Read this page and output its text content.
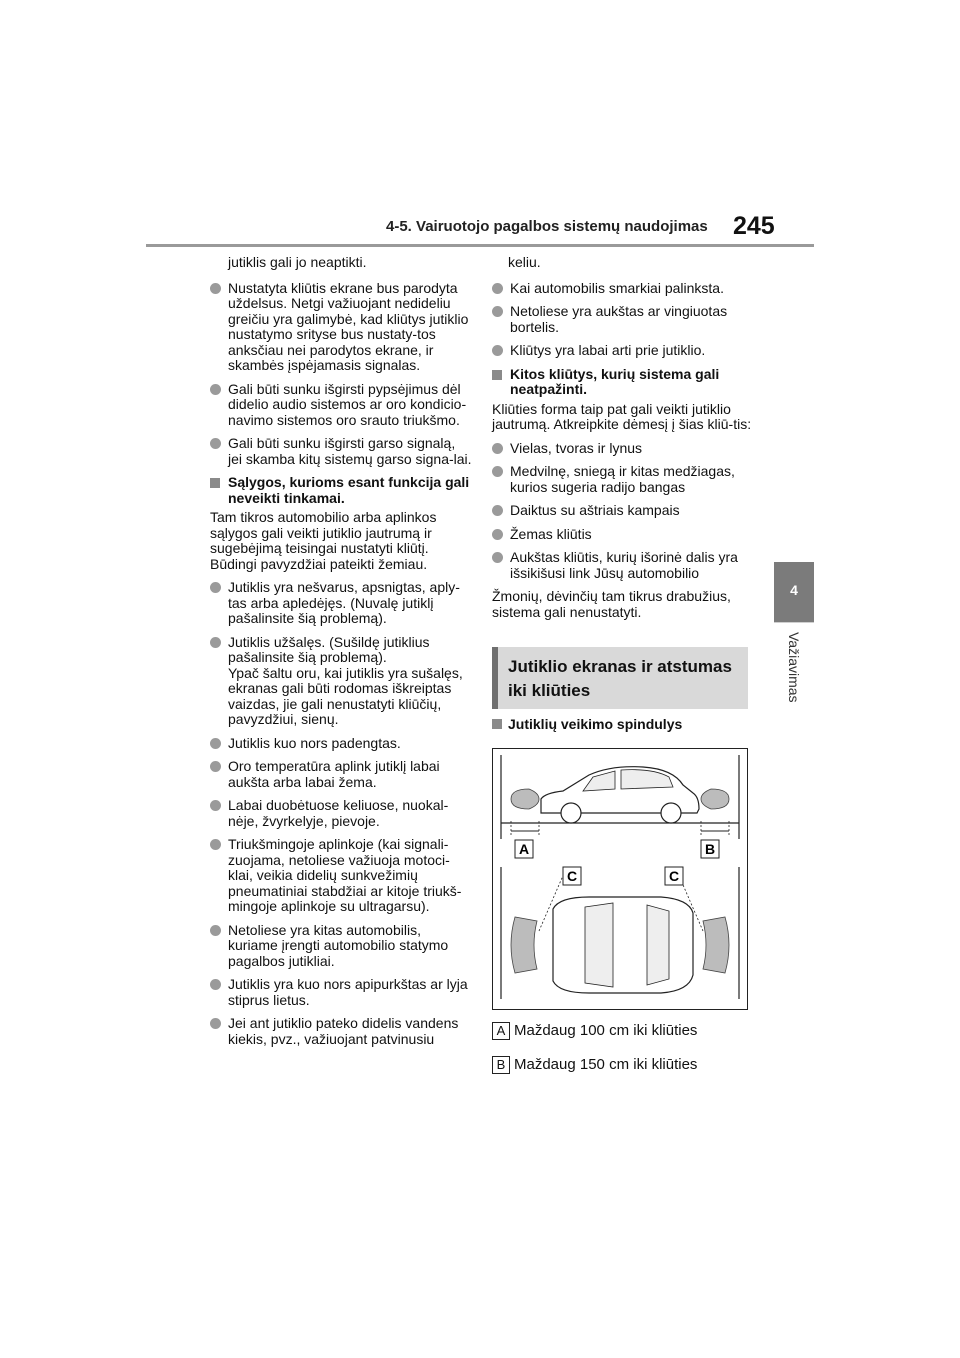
4-5. Vairuotojo pagalbos sistemų naudojimas 245
4
Važiavimas
jutiklis gali jo neaptikti.
Nustatyta kliūtis ekrane bus parodyta uždelsus. Netgi važiuojant nedideliu greičiu yra galimybė, kad kliūtys jutiklio nustatymo srityse bus nustaty-tos anksčiau nei parodytos ekrane, ir skambės įspėjamasis signalas.
Gali būti sunku išgirsti pypsėjimus dėl didelio audio sistemos ar oro kondicio-navimo sistemos oro srauto triukšmo.
Gali būti sunku išgirsti garso signalą, jei skamba kitų sistemų garso signa-lai.
Sąlygos, kurioms esant funkcija gali neveikti tinkamai.
Tam tikros automobilio arba aplinkos sąlygos gali veikti jutiklio jautrumą ir sugebėjimą teisingai nustatyti kliūtį. Būdingi pavyzdžiai pateikti žemiau.
Jutiklis yra nešvarus, apsnigtas, aply-tas arba apledėjęs. (Nuvalę jutiklį pašalinsite šią problemą).
Jutiklis užšalęs. (Sušildę jutiklius pašalinsite šią problemą).
Ypač šaltu oru, kai jutiklis yra sušalęs, ekranas gali būti rodomas iškreiptas vaizdas, jie gali nenustatyti kliūčių, pavyzdžiui, sienų.
Jutiklis kuo nors padengtas.
Oro temperatūra aplink jutiklį labai aukšta arba labai žema.
Labai duobėtuose keliuose, nuokal-nėje, žvyrkelyje, pievoje.
Triukšmingoje aplinkoje (kai signali-zuojama, netoliese važiuoja motoci-klai, veikia didelių sunkvežimių pneumatiniai stabdžiai ar kitoje triukš-mingoje aplinkoje su ultragarsu).
Netoliese yra kitas automobilis, kuriame įrengti automobilio statymo pagalbos jutikliai.
Jutiklis yra kuo nors apipurkštas ar lyja stiprus lietus.
Jei ant jutiklio pateko didelis vandens kiekis, pvz., važiuojant patvinusiu
keliu.
Kai automobilis smarkiai palinksta.
Netoliese yra aukštas ar vingiuotas bortelis.
Kliūtys yra labai arti prie jutiklio.
Kitos kliūtys, kurių sistema gali neatpažinti.
Kliūties forma taip pat gali veikti jutiklio jautrumą. Atkreipkite dėmesį į šias kliū-tis:
Vielas, tvoras ir lynus
Medvilnę, sniegą ir kitas medžiagas, kurios sugeria radijo bangas
Daiktus su aštriais kampais
Žemas kliūtis
Aukštas kliūtis, kurių išorinė dalis yra išsikišusi link Jūsų automobilio
Žmonių, dėvinčių tam tikrus drabužius, sistema gali nenustatyti.
Jutiklio ekranas ir atstumas iki kliūties
Jutiklių veikimo spindulys
A	B
C	C
A Maždaug 100 cm iki kliūties
B Maždaug 150 cm iki kliūties
